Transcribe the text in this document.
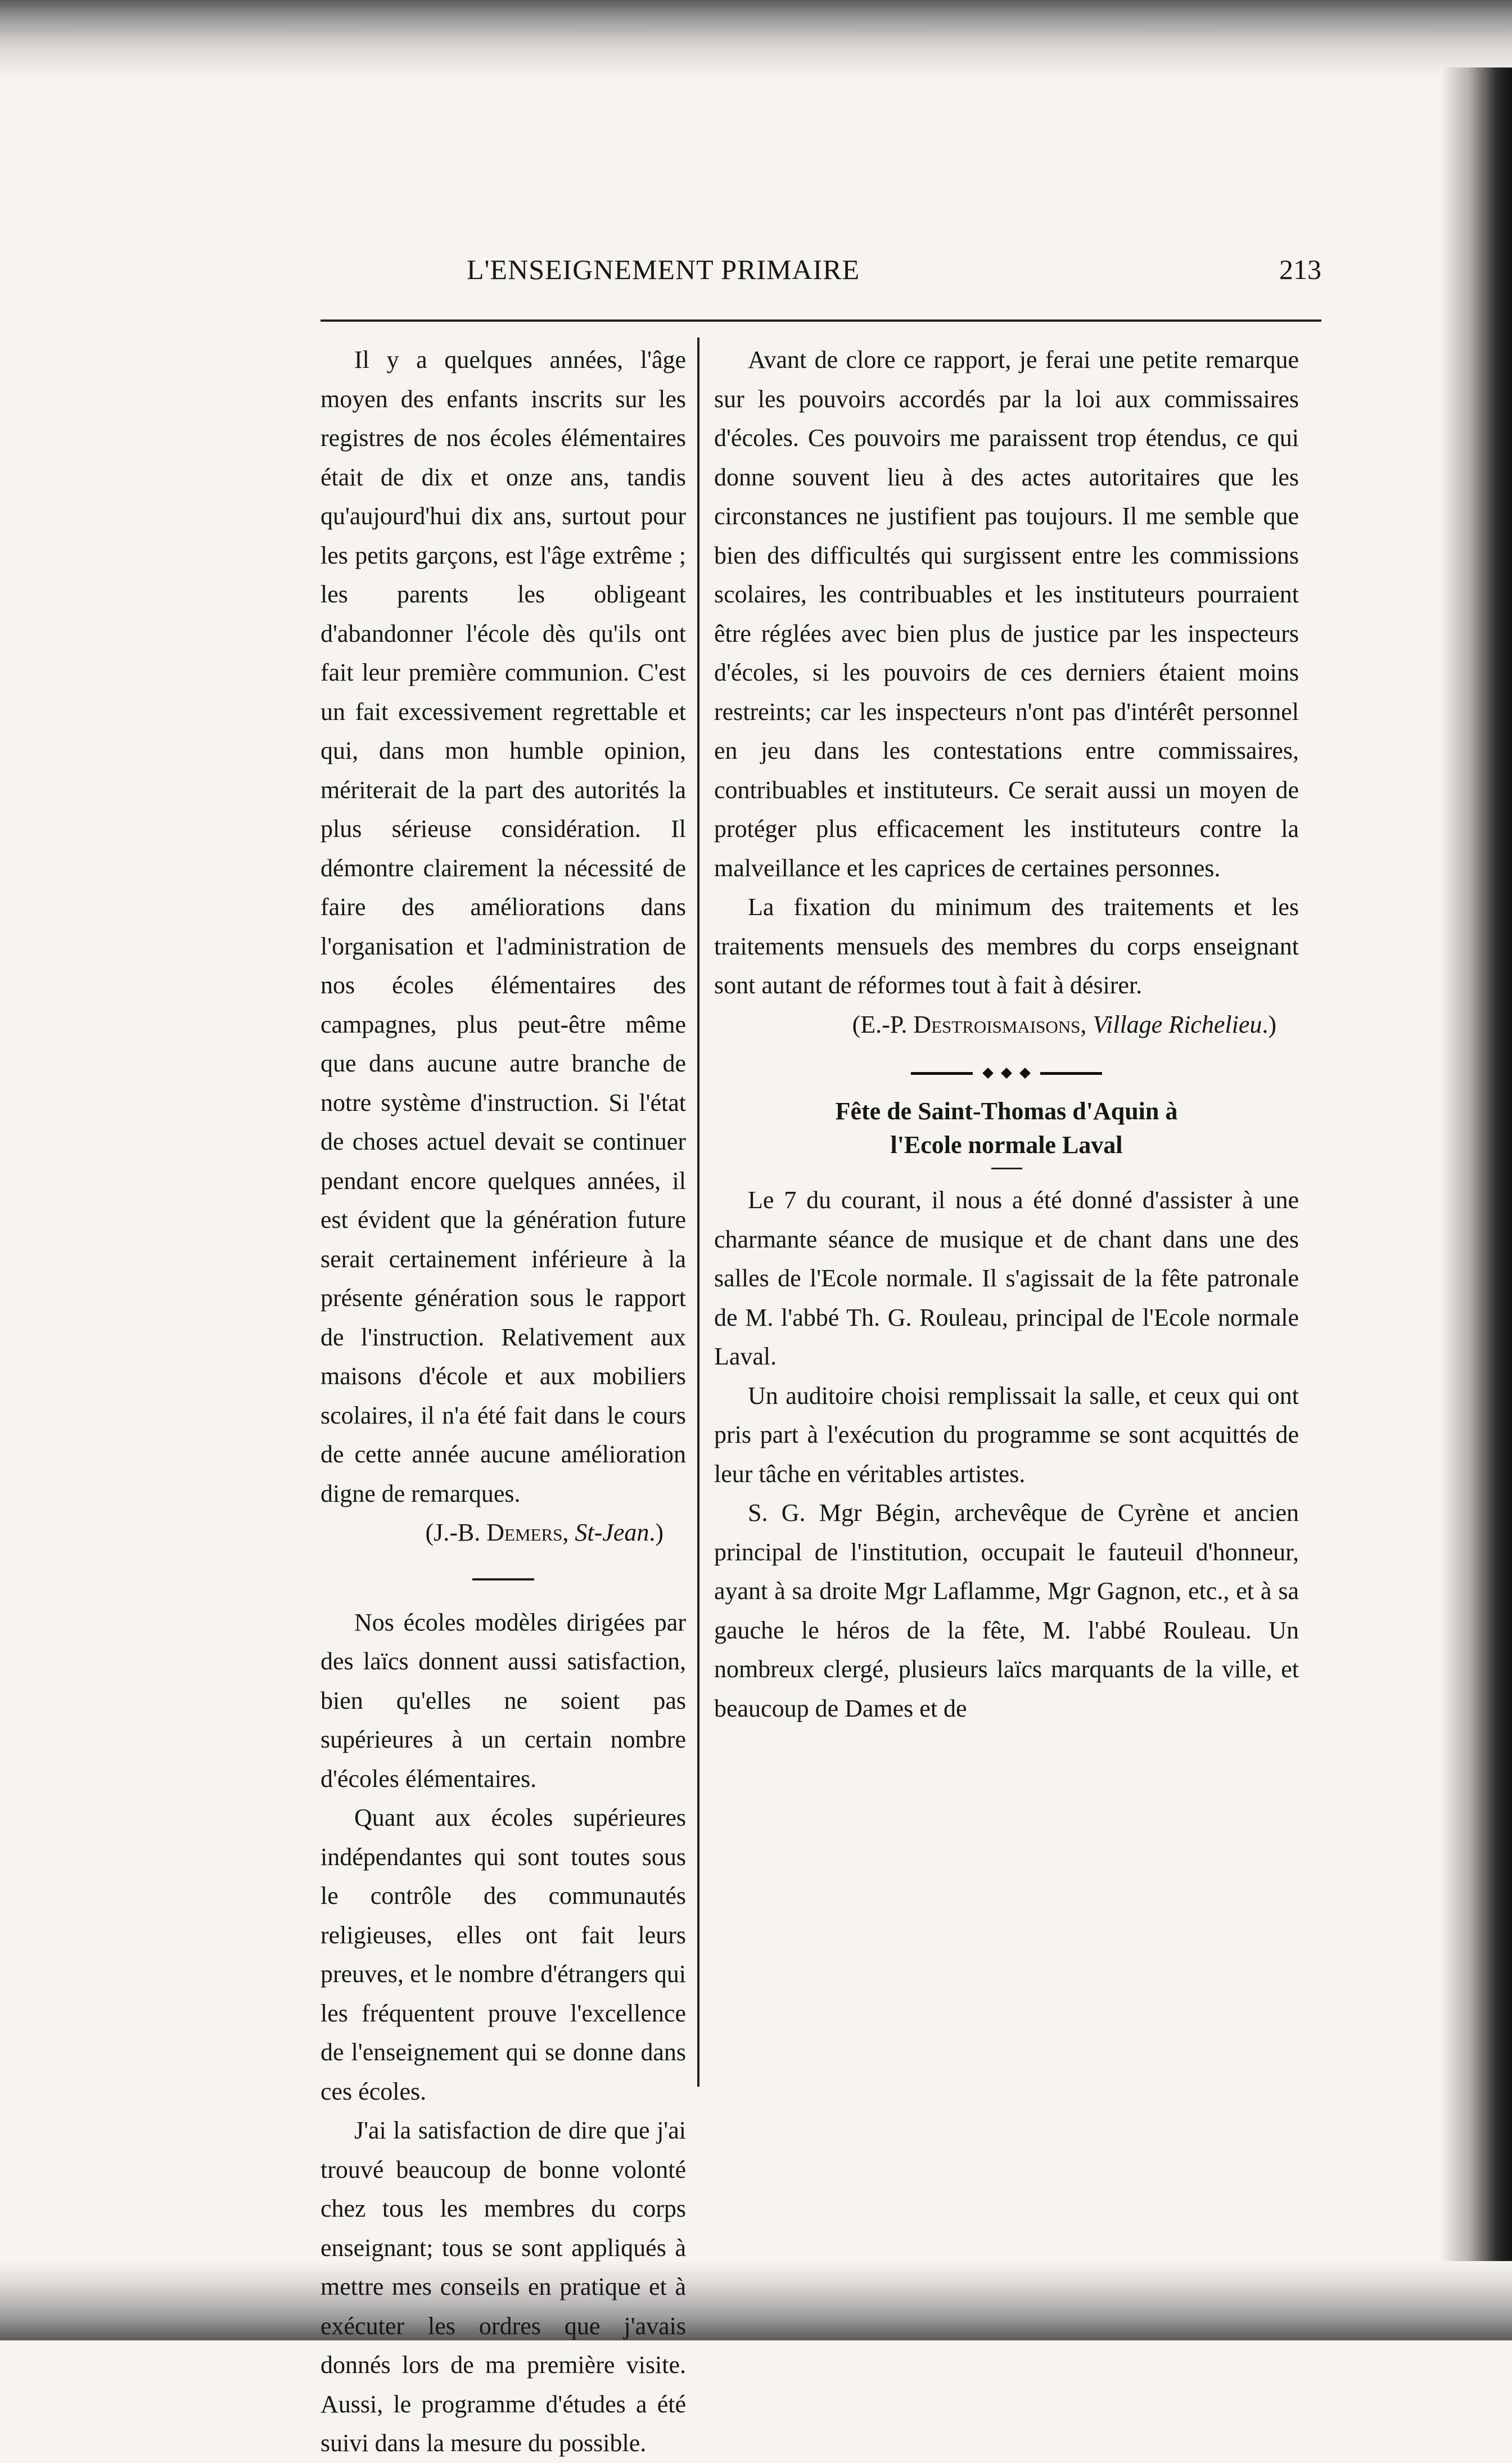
L'ENSEIGNEMENT PRIMAIRE	213

Il y a quelques années, l'âge moyen des enfants inscrits sur les registres de nos écoles élémentaires était de dix et onze ans, tandis qu'aujourd'hui dix ans, surtout pour les petits garçons, est l'âge extrême ; les parents les obligeant d'abandonner l'école dès qu'ils ont fait leur première communion. C'est un fait excessivement regrettable et qui, dans mon humble opinion, mériterait de la part des autorités la plus sérieuse considération. Il démontre clairement la nécessité de faire des améliorations dans l'organisation et l'administration de nos écoles élémentaires des campagnes, plus peut-être même que dans aucune autre branche de notre système d'instruction. Si l'état de choses actuel devait se continuer pendant encore quelques années, il est évident que la génération future serait certainement inférieure à la présente génération sous le rapport de l'instruction. Relativement aux maisons d'école et aux mobiliers scolaires, il n'a été fait dans le cours de cette année aucune amélioration digne de remarques.

(J.-B. Demers, St-Jean.)

Nos écoles modèles dirigées par des laïcs donnent aussi satisfaction, bien qu'elles ne soient pas supérieures à un certain nombre d'écoles élémentaires.

Quant aux écoles supérieures indépendantes qui sont toutes sous le contrôle des communautés religieuses, elles ont fait leurs preuves, et le nombre d'étrangers qui les fréquentent prouve l'excellence de l'enseignement qui se donne dans ces écoles.

J'ai la satisfaction de dire que j'ai trouvé beaucoup de bonne volonté chez tous les membres du corps enseignant; tous se sont appliqués à mettre mes conseils en pratique et à exécuter les ordres que j'avais donnés lors de ma première visite. Aussi, le programme d'études a été suivi dans la mesure du possible.

Avant de clore ce rapport, je ferai une petite remarque sur les pouvoirs accordés par la loi aux commissaires d'écoles. Ces pouvoirs me paraissent trop étendus, ce qui donne souvent lieu à des actes autoritaires que les circonstances ne justifient pas toujours. Il me semble que bien des difficultés qui surgissent entre les commissions scolaires, les contribuables et les instituteurs pourraient être réglées avec bien plus de justice par les inspecteurs d'écoles, si les pouvoirs de ces derniers étaient moins restreints; car les inspecteurs n'ont pas d'intérêt personnel en jeu dans les contestations entre commissaires, contribuables et instituteurs. Ce serait aussi un moyen de protéger plus efficacement les instituteurs contre la malveillance et les caprices de certaines personnes.

La fixation du minimum des traitements et les traitements mensuels des membres du corps enseignant sont autant de réformes tout à fait à désirer.

(E.-P. Destroismaisons, Village Richelieu.)

Fête de Saint-Thomas d'Aquin à
l'Ecole normale Laval

Le 7 du courant, il nous a été donné d'assister à une charmante séance de musique et de chant dans une des salles de l'Ecole normale. Il s'agissait de la fête patronale de M. l'abbé Th. G. Rouleau, principal de l'Ecole normale Laval.

Un auditoire choisi remplissait la salle, et ceux qui ont pris part à l'exécution du programme se sont acquittés de leur tâche en véritables artistes.

S. G. Mgr Bégin, archevêque de Cyrène et ancien principal de l'institution, occupait le fauteuil d'honneur, ayant à sa droite Mgr Laflamme, Mgr Gagnon, etc., et à sa gauche le héros de la fête, M. l'abbé Rouleau. Un nombreux clergé, plusieurs laïcs marquants de la ville, et beaucoup de Dames et de
